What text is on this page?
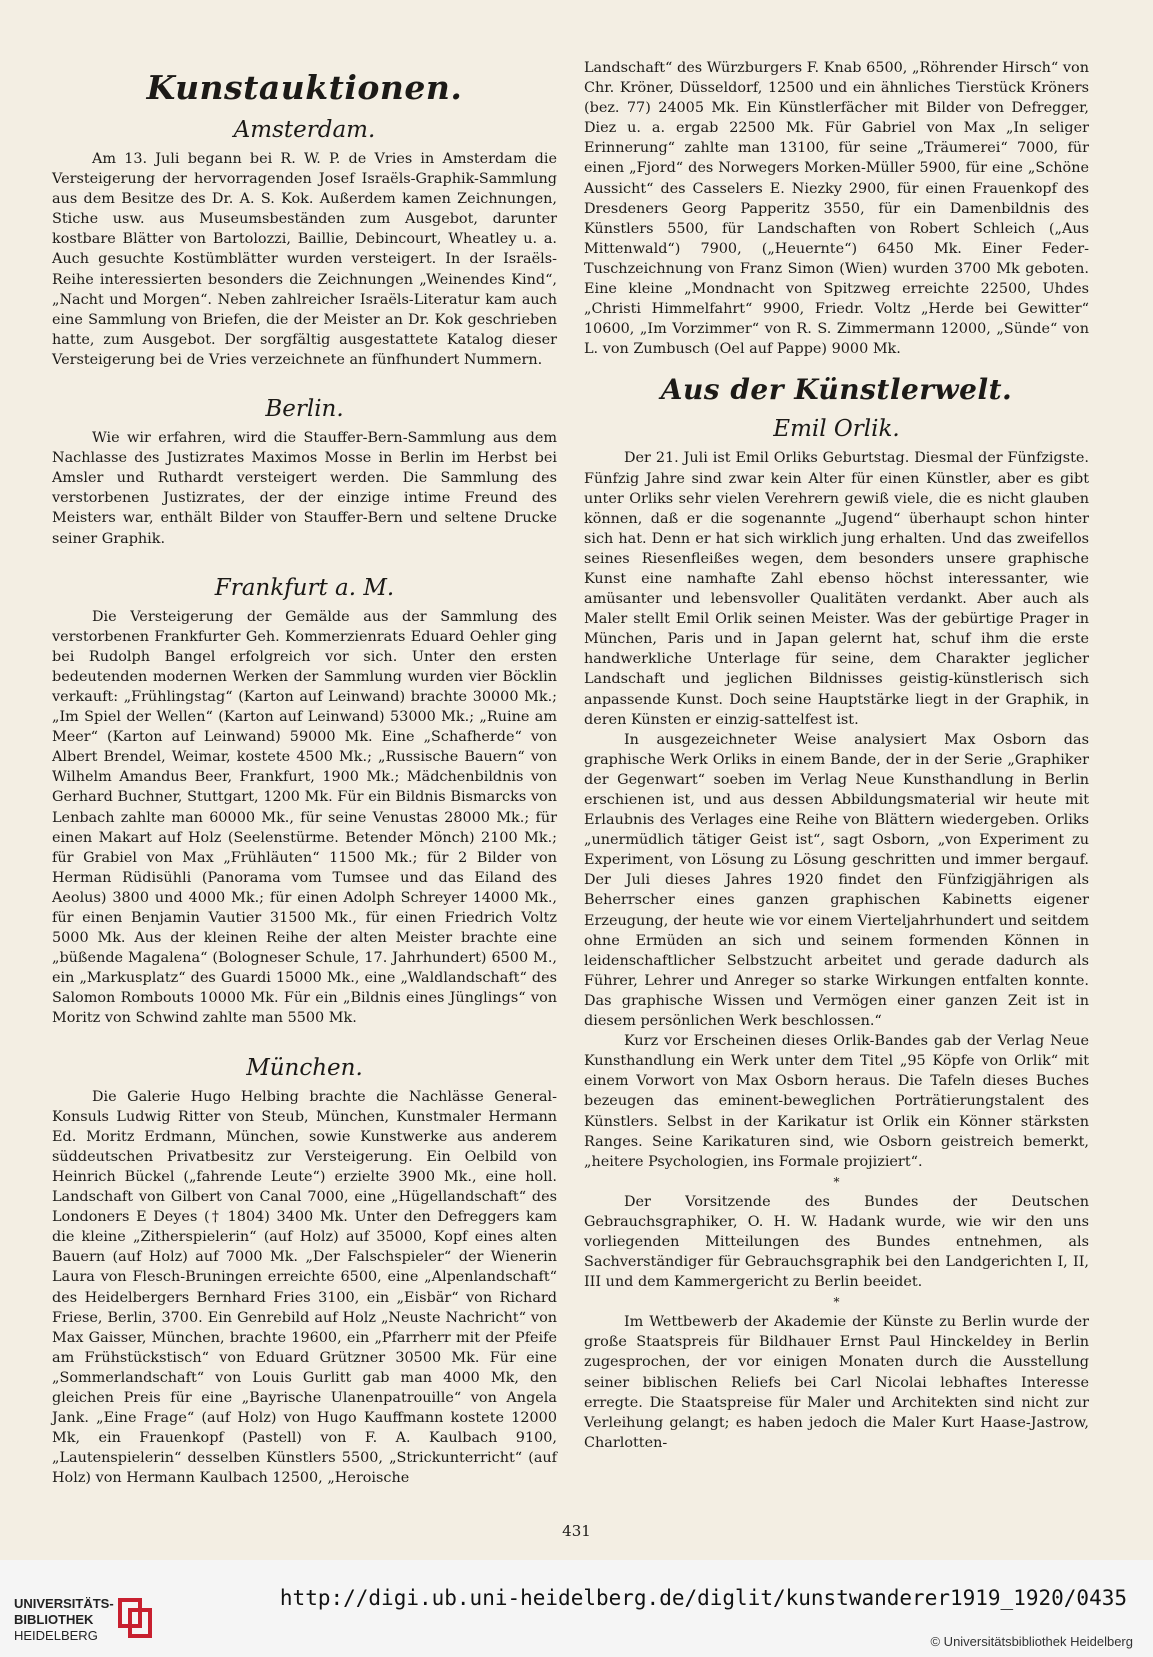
Kunstauktionen.
Amsterdam.

Am 13. Juli begann bei R. W. P. de Vries in Amsterdam die Versteigerung der hervorragenden Josef Israëls-Graphik-Sammlung aus dem Besitze des Dr. A. S. Kok. Außerdem kamen Zeichnungen, Stiche usw. aus Museumsbeständen zum Ausgebot, darunter kostbare Blätter von Bartolozzi, Baillie, Debincourt, Wheatley u. a. Auch gesuchte Kostümblätter wurden versteigert. In der Israëls-Reihe interessierten besonders die Zeichnungen „Weinendes Kind“, „Nacht und Morgen“. Neben zahlreicher Israëls-Literatur kam auch eine Sammlung von Briefen, die der Meister an Dr. Kok geschrieben hatte, zum Ausgebot. Der sorgfältig ausgestattete Katalog dieser Versteigerung bei de Vries verzeichnete an fünfhundert Nummern.

Berlin.

Wie wir erfahren, wird die Stauffer-Bern-Sammlung aus dem Nachlasse des Justizrates Maximos Mosse in Berlin im Herbst bei Amsler und Ruthardt versteigert werden. Die Sammlung des verstorbenen Justizrates, der der einzige intime Freund des Meisters war, enthält Bilder von Stauffer-Bern und seltene Drucke seiner Graphik.

Frankfurt a. M.

Die Versteigerung der Gemälde aus der Sammlung des verstorbenen Frankfurter Geh. Kommerzienrats Eduard Oehler ging bei Rudolph Bangel erfolgreich vor sich. Unter den ersten bedeutenden modernen Werken der Sammlung wurden vier Böcklin verkauft: „Frühlingstag“ (Karton auf Leinwand) brachte 30000 Mk.; „Im Spiel der Wellen“ (Karton auf Leinwand) 53000 Mk.; „Ruine am Meer“ (Karton auf Leinwand) 59000 Mk. Eine „Schafherde“ von Albert Brendel, Weimar, kostete 4500 Mk.; „Russische Bauern“ von Wilhelm Amandus Beer, Frankfurt, 1900 Mk.; Mädchenbildnis von Gerhard Buchner, Stuttgart, 1200 Mk. Für ein Bildnis Bismarcks von Lenbach zahlte man 60000 Mk., für seine Venustas 28000 Mk.; für einen Makart auf Holz (Seelenstürme. Betender Mönch) 2100 Mk.; für Grabiel von Max „Frühläuten“ 11500 Mk.; für 2 Bilder von Herman Rüdisühli (Panorama vom Tumsee und das Eiland des Aeolus) 3800 und 4000 Mk.; für einen Adolph Schreyer 14000 Mk., für einen Benjamin Vautier 31500 Mk., für einen Friedrich Voltz 5000 Mk. Aus der kleinen Reihe der alten Meister brachte eine „büßende Magalena“ (Bologneser Schule, 17. Jahrhundert) 6500 M., ein „Markusplatz“ des Guardi 15000 Mk., eine „Waldlandschaft“ des Salomon Rombouts 10000 Mk. Für ein „Bildnis eines Jünglings“ von Moritz von Schwind zahlte man 5500 Mk.

München.

Die Galerie Hugo Helbing brachte die Nachlässe General-Konsuls Ludwig Ritter von Steub, München, Kunstmaler Hermann Ed. Moritz Erdmann, München, sowie Kunstwerke aus anderem süddeutschen Privatbesitz zur Versteigerung. Ein Oelbild von Heinrich Bückel („fahrende Leute“) erzielte 3900 Mk., eine holl. Landschaft von Gilbert von Canal 7000, eine „Hügellandschaft“ des Londoners E Deyes († 1804) 3400 Mk. Unter den Defreggers kam die kleine „Zitherspielerin“ (auf Holz) auf 35000, Kopf eines alten Bauern (auf Holz) auf 7000 Mk. „Der Falschspieler“ der Wienerin Laura von Flesch-Bruningen erreichte 6500, eine „Alpenlandschaft“ des Heidelbergers Bernhard Fries 3100, ein „Eisbär“ von Richard Friese, Berlin, 3700. Ein Genrebild auf Holz „Neuste Nachricht“ von Max Gaisser, München, brachte 19600, ein „Pfarrherr mit der Pfeife am Frühstückstisch“ von Eduard Grützner 30500 Mk. Für eine „Sommerlandschaft“ von Louis Gurlitt gab man 4000 Mk, den gleichen Preis für eine „Bayrische Ulanenpatrouille“ von Angela Jank. „Eine Frage“ (auf Holz) von Hugo Kauffmann kostete 12000 Mk, ein Frauenkopf (Pastell) von F. A. Kaulbach 9100, „Lautenspielerin“ desselben Künstlers 5500, „Strickunterricht“ (auf Holz) von Hermann Kaulbach 12500, „Heroische

Landschaft“ des Würzburgers F. Knab 6500, „Röhrender Hirsch“ von Chr. Kröner, Düsseldorf, 12500 und ein ähnliches Tierstück Kröners (bez. 77) 24005 Mk. Ein Künstlerfächer mit Bilder von Defregger, Diez u. a. ergab 22500 Mk. Für Gabriel von Max „In seliger Erinnerung“ zahlte man 13100, für seine „Träumerei“ 7000, für einen „Fjord“ des Norwegers Morken-Müller 5900, für eine „Schöne Aussicht“ des Casselers E. Niezky 2900, für einen Frauenkopf des Dresdeners Georg Papperitz 3550, für ein Damenbildnis des Künstlers 5500, für Landschaften von Robert Schleich („Aus Mittenwald“) 7900, („Heuernte“) 6450 Mk. Einer Feder-Tuschzeichnung von Franz Simon (Wien) wurden 3700 Mk geboten. Eine kleine „Mondnacht von Spitzweg erreichte 22500, Uhdes „Christi Himmelfahrt“ 9900, Friedr. Voltz „Herde bei Gewitter“ 10600, „Im Vorzimmer“ von R. S. Zimmermann 12000, „Sünde“ von L. von Zumbusch (Oel auf Pappe) 9000 Mk.

Aus der Künstlerwelt.
Emil Orlik.

Der 21. Juli ist Emil Orliks Geburtstag. Diesmal der Fünfzigste. Fünfzig Jahre sind zwar kein Alter für einen Künstler, aber es gibt unter Orliks sehr vielen Verehrern gewiß viele, die es nicht glauben können, daß er die sogenannte „Jugend“ überhaupt schon hinter sich hat. Denn er hat sich wirklich jung erhalten. Und das zweifellos seines Riesenfleißes wegen, dem besonders unsere graphische Kunst eine namhafte Zahl ebenso höchst interessanter, wie amüsanter und lebensvoller Qualitäten verdankt. Aber auch als Maler stellt Emil Orlik seinen Meister. Was der gebürtige Prager in München, Paris und in Japan gelernt hat, schuf ihm die erste handwerkliche Unterlage für seine, dem Charakter jeglicher Landschaft und jeglichen Bildnisses geistig-künstlerisch sich anpassende Kunst. Doch seine Hauptstärke liegt in der Graphik, in deren Künsten er einzig-sattelfest ist.

In ausgezeichneter Weise analysiert Max Osborn das graphische Werk Orliks in einem Bande, der in der Serie „Graphiker der Gegenwart“ soeben im Verlag Neue Kunsthandlung in Berlin erschienen ist, und aus dessen Abbildungsmaterial wir heute mit Erlaubnis des Verlages eine Reihe von Blättern wiedergeben. Orliks „unermüdlich tätiger Geist ist“, sagt Osborn, „von Experiment zu Experiment, von Lösung zu Lösung geschritten und immer bergauf. Der Juli dieses Jahres 1920 findet den Fünfzigjährigen als Beherrscher eines ganzen graphischen Kabinetts eigener Erzeugung, der heute wie vor einem Vierteljahrhundert und seitdem ohne Ermüden an sich und seinem formenden Können in leidenschaftlicher Selbstzucht arbeitet und gerade dadurch als Führer, Lehrer und Anreger so starke Wirkungen entfalten konnte. Das graphische Wissen und Vermögen einer ganzen Zeit ist in diesem persönlichen Werk beschlossen.“

Kurz vor Erscheinen dieses Orlik-Bandes gab der Verlag Neue Kunsthandlung ein Werk unter dem Titel „95 Köpfe von Orlik“ mit einem Vorwort von Max Osborn heraus. Die Tafeln dieses Buches bezeugen das eminent-beweglichen Porträtierungstalent des Künstlers. Selbst in der Karikatur ist Orlik ein Könner stärksten Ranges. Seine Karikaturen sind, wie Osborn geistreich bemerkt, „heitere Psychologien, ins Formale projiziert“.

*

Der Vorsitzende des Bundes der Deutschen Gebrauchsgraphiker, O. H. W. Hadank wurde, wie wir den uns vorliegenden Mitteilungen des Bundes entnehmen, als Sachverständiger für Gebrauchsgraphik bei den Landgerichten I, II, III und dem Kammergericht zu Berlin beeidet.

*

Im Wettbewerb der Akademie der Künste zu Berlin wurde der große Staatspreis für Bildhauer Ernst Paul Hinckeldey in Berlin zugesprochen, der vor einigen Monaten durch die Ausstellung seiner biblischen Reliefs bei Carl Nicolai lebhaftes Interesse erregte. Die Staatspreise für Maler und Architekten sind nicht zur Verleihung gelangt; es haben jedoch die Maler Kurt Haase-Jastrow, Charlotten-

431
UNIVERSITÄTS-
BIBLIOTHEK
HEIDELBERG
http://digi.ub.uni-heidelberg.de/diglit/kunstwanderer1919_1920/0435
© Universitätsbibliothek Heidelberg
